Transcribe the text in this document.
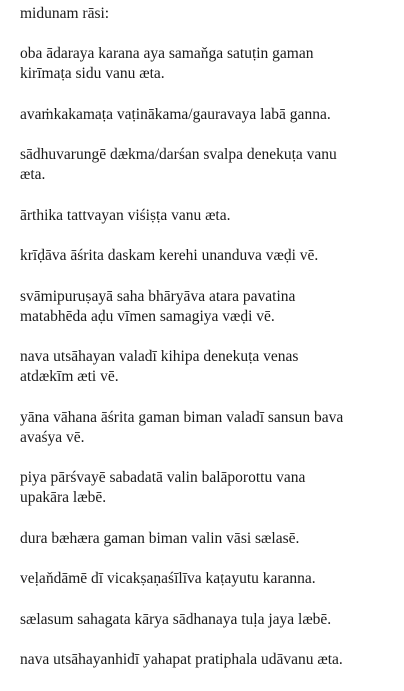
midunam rāsi:
oba ādaraya karana aya samaňga satuṭin gaman
kirīmaṭa sidu vanu æta.
avaṁkakamaṭa vaṭinākama/gauravaya labā ganna.
sādhuvarungē dækma/darśan svalpa denekuṭa vanu
æta.
ārthika tattvayan viśiṣṭa vanu æta.
krīḍāva āśrita daskam kerehi unanduva væḍi vē.
svāmipuruṣayā saha bhāryāva atara pavatina
matabhēda aḍu vīmen samagiya væḍi vē.
nava utsāhayan valadī kihipa denekuṭa venas
atdækīm æti vē.
yāna vāhana āśrita gaman biman valadī sansun bava
avaśya vē.
piya pārśvayē sabadatā valin balāporottu vana
upakāra læbē.
dura bæhæra gaman biman valin vāsi sælasē.
veḷaňdāmē dī vicakṣaṇaśīlīva kaṭayutu karanna.
sælasum sahagata kārya sādhanaya tuḷa jaya læbē.
nava utsāhayanhidī yahapat pratiphala udāvanu æta.
